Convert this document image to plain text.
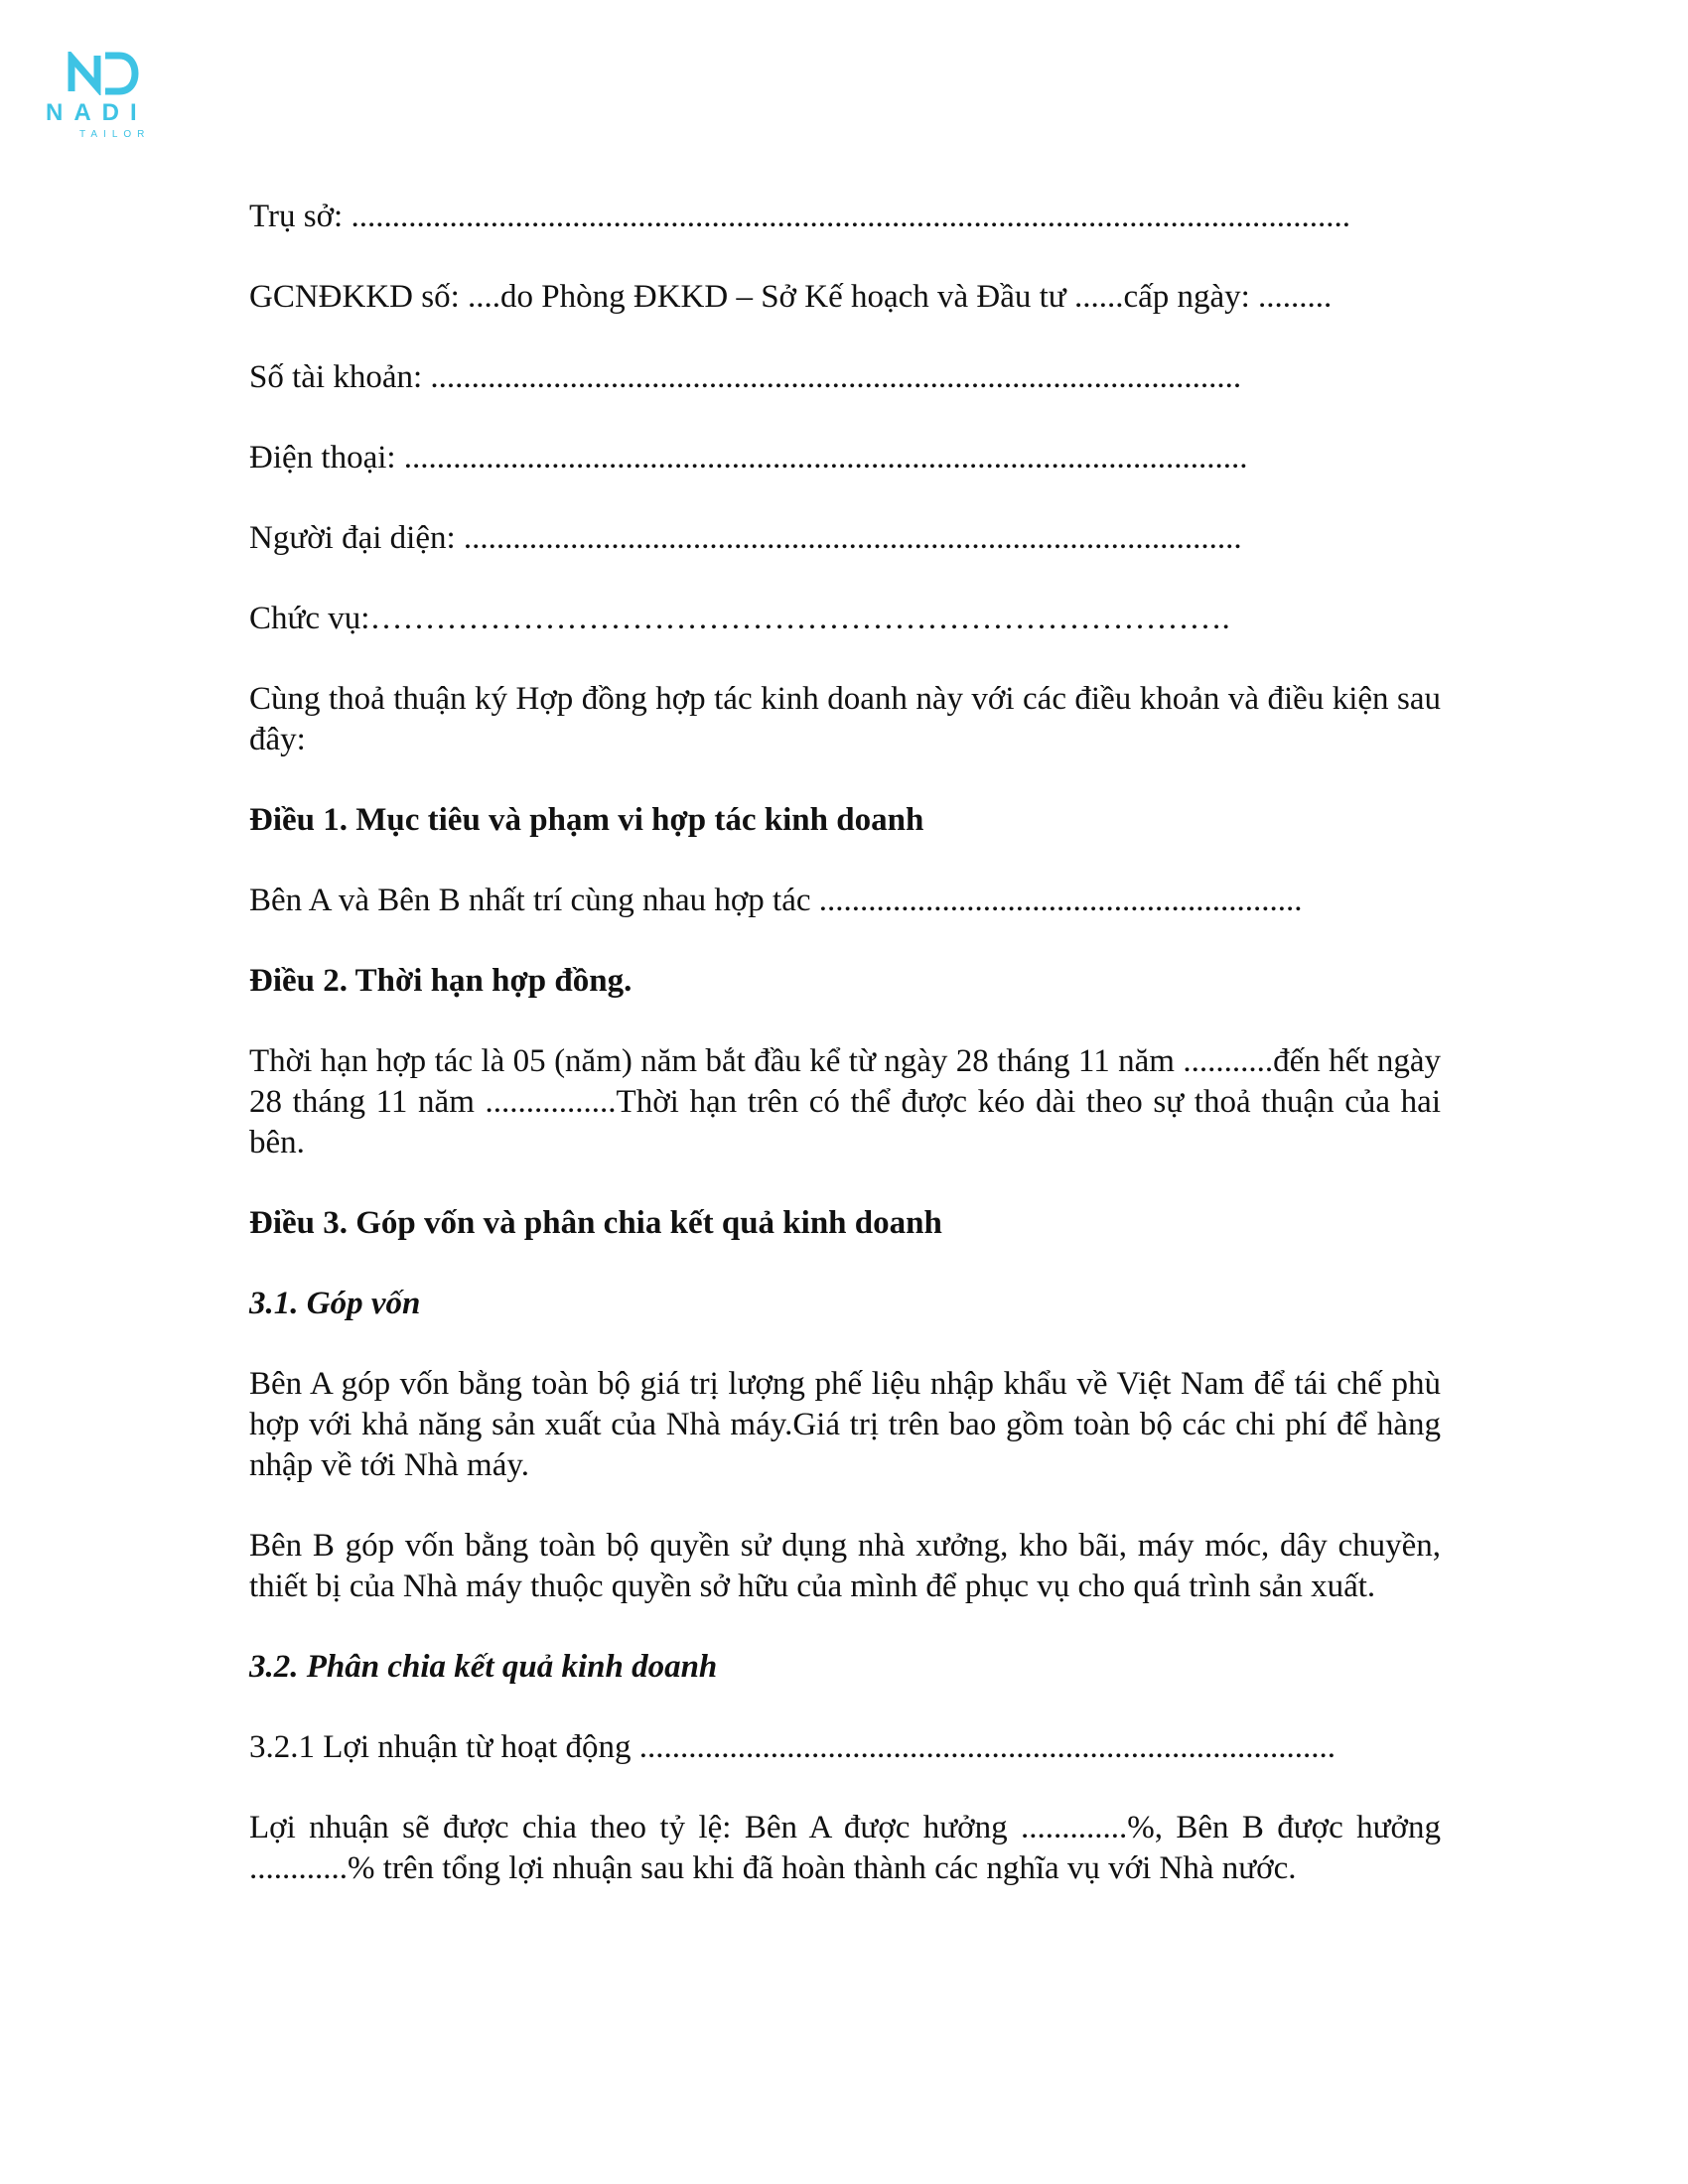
NADI
TAILOR

Trụ sở: ..........................................................................................................................

GCNĐKKD số: ....do Phòng ĐKKD – Sở Kế hoạch và Đầu tư ......cấp ngày: .........

Số tài khoản: ...................................................................................................

Điện thoại: .......................................................................................................

Người đại diện: ...............................................................................................

Chức vụ:…………………………………………………………………….

Cùng thoả thuận ký Hợp đồng hợp tác kinh doanh này với các điều khoản và điều kiện sau đây:

Điều 1. Mục tiêu và phạm vi hợp tác kinh doanh

Bên A và Bên B nhất trí cùng nhau hợp tác ...........................................................

Điều 2. Thời hạn hợp đồng.

Thời hạn hợp tác là 05 (năm) năm bắt đầu kể từ ngày 28 tháng 11 năm ...........đến hết ngày 28 tháng 11 năm ................Thời hạn trên có thể được kéo dài theo sự thoả thuận của hai bên.

Điều 3. Góp vốn và phân chia kết quả kinh doanh

3.1. Góp vốn

Bên A góp vốn bằng toàn bộ giá trị lượng phế liệu nhập khẩu về Việt Nam để tái chế phù hợp với khả năng sản xuất của Nhà máy.Giá trị trên bao gồm toàn bộ các chi phí để hàng nhập về tới Nhà máy.

Bên B góp vốn bằng toàn bộ quyền sử dụng nhà xưởng, kho bãi, máy móc, dây chuyền, thiết bị của Nhà máy thuộc quyền sở hữu của mình để phục vụ cho quá trình sản xuất.

3.2. Phân chia kết quả kinh doanh

3.2.1 Lợi nhuận từ hoạt động .....................................................................................

Lợi nhuận sẽ được chia theo tỷ lệ: Bên A được hưởng .............%, Bên B được hưởng ............% trên tổng lợi nhuận sau khi đã hoàn thành các nghĩa vụ với Nhà nước.
